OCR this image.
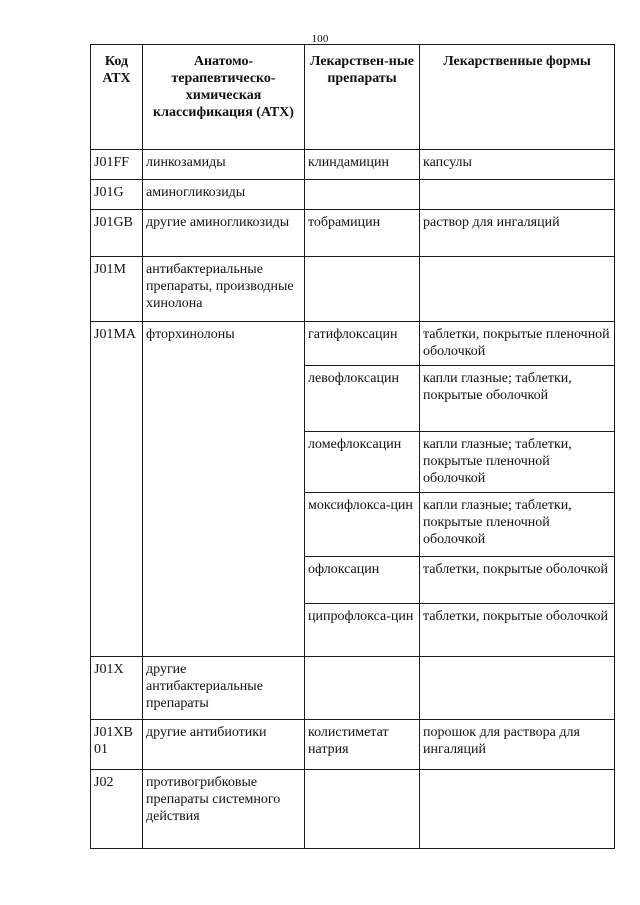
100
Код АТХ	Анатомо-терапевтическо-химическая классификация (АТХ)	Лекарствен-ные препараты	Лекарственные формы
J01FF	линкозамиды	клиндамицин	капсулы
J01G	аминогликозиды		
J01GB	другие аминогликозиды	тобрамицин	раствор для ингаляций
J01M	антибактериальные препараты, производные хинолона		
J01MA	фторхинолоны	гатифлоксацин	таблетки, покрытые пленочной оболочкой
		левофлоксацин	капли глазные; таблетки, покрытые оболочкой
		ломефлоксацин	капли глазные; таблетки, покрытые пленочной оболочкой
		моксифлокса-цин	капли глазные; таблетки, покрытые пленочной оболочкой
		офлоксацин	таблетки, покрытые оболочкой
		ципрофлокса-цин	таблетки, покрытые оболочкой
J01X	другие антибактериальные препараты		
J01XB01	другие антибиотики	колистиметат натрия	порошок для раствора для ингаляций
J02	противогрибковые препараты системного действия		
